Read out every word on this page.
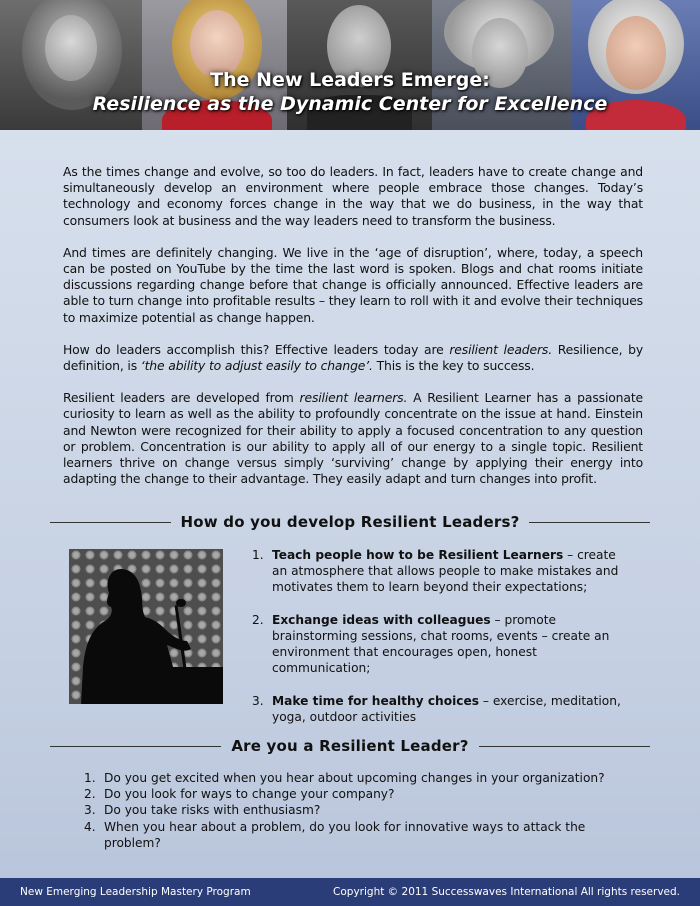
The New Leaders Emerge:
Resilience as the Dynamic Center for Excellence

As the times change and evolve, so too do leaders. In fact, leaders have to create change and simultaneously develop an environment where people embrace those changes. Today’s technology and economy forces change in the way that we do business, in the way that consumers look at business and the way leaders need to transform the business.

And times are definitely changing. We live in the ‘age of disruption’, where, today, a speech can be posted on YouTube by the time the last word is spoken. Blogs and chat rooms initiate discussions regarding change before that change is officially announced. Effective leaders are able to turn change into profitable results – they learn to roll with it and evolve their techniques to maximize potential as change happen.

How do leaders accomplish this? Effective leaders today are resilient leaders. Resilience, by definition, is ‘the ability to adjust easily to change’. This is the key to success.

Resilient leaders are developed from resilient learners. A Resilient Learner has a passionate curiosity to learn as well as the ability to profoundly concentrate on the issue at hand. Einstein and Newton were recognized for their ability to apply a focused concentration to any question or problem. Concentration is our ability to apply all of our energy to a single topic. Resilient learners thrive on change versus simply ‘surviving’ change by applying their energy into adapting the change to their advantage. They easily adapt and turn changes into profit.

How do you develop Resilient Leaders?
1. Teach people how to be Resilient Learners – create an atmosphere that allows people to make mistakes and motivates them to learn beyond their expectations;
2. Exchange ideas with colleagues – promote brainstorming sessions, chat rooms, events – create an environment that encourages open, honest communication;
3. Make time for healthy choices – exercise, meditation, yoga, outdoor activities
Are you a Resilient Leader?
1. Do you get excited when you hear about upcoming changes in your organization?
2. Do you look for ways to change your company?
3. Do you take risks with enthusiasm?
4. When you hear about a problem, do you look for innovative ways to attack the problem?
New Emerging Leadership Mastery Program	Copyright © 2011 Successwaves International All rights reserved.
